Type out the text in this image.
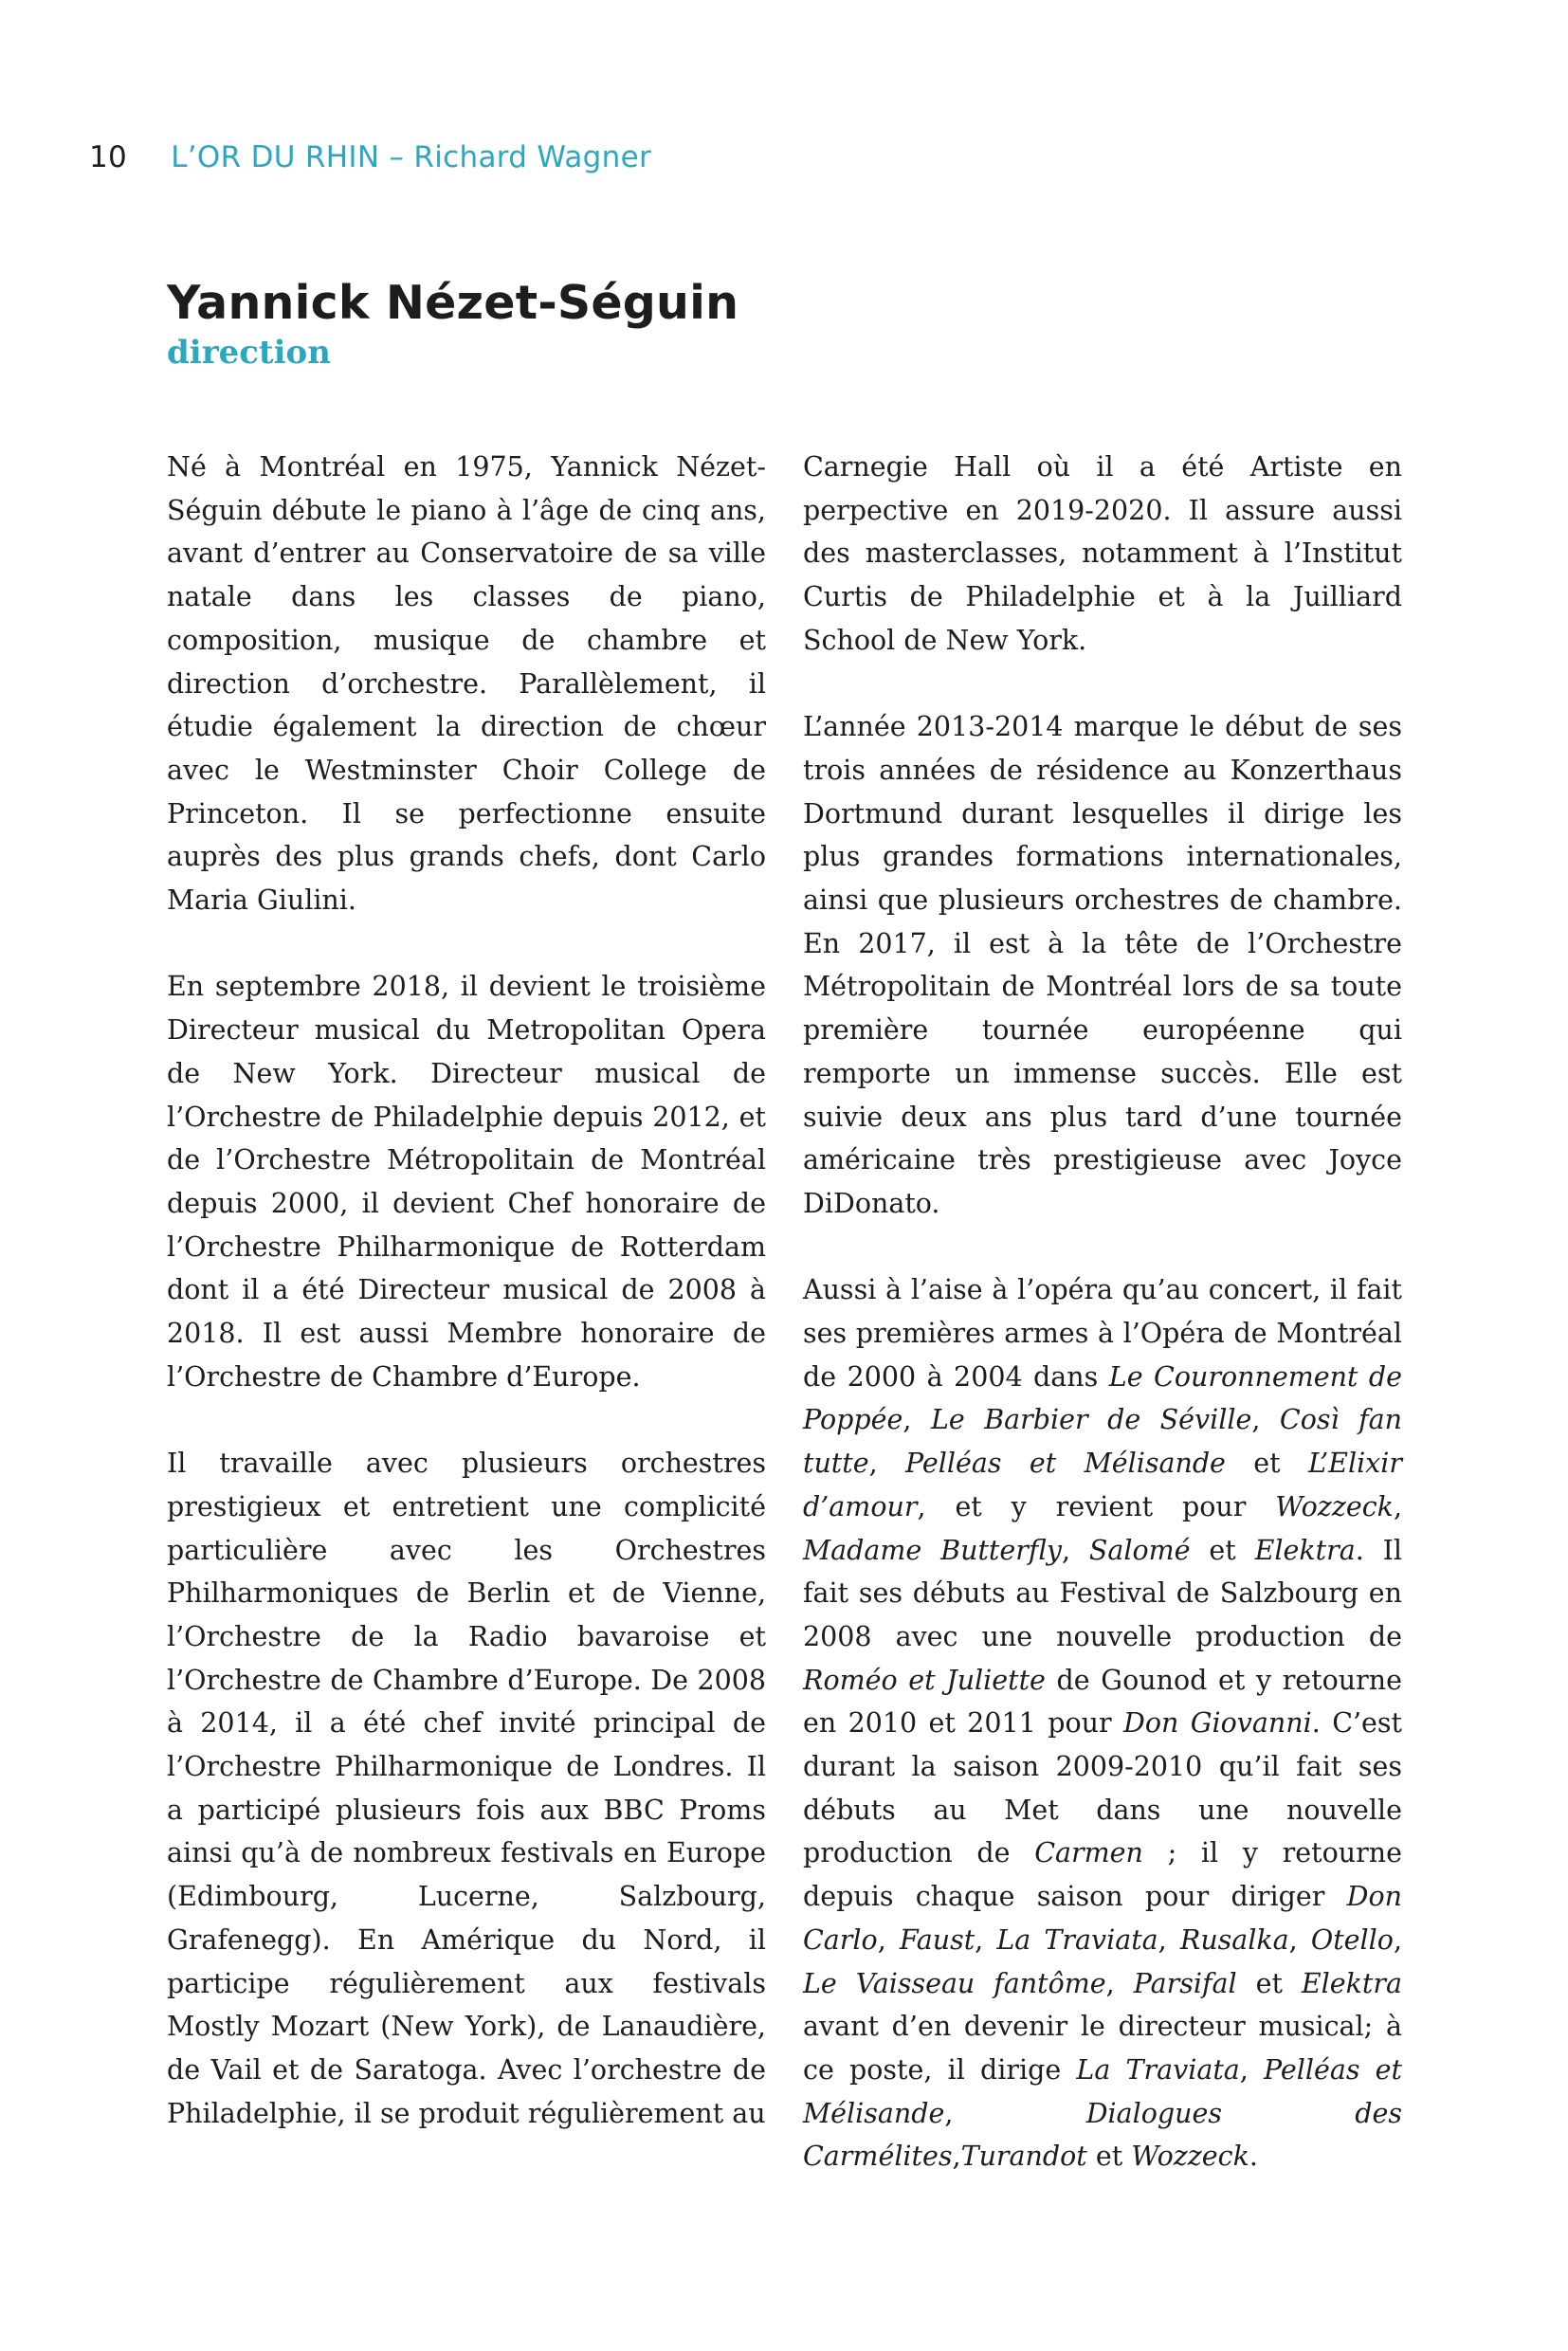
10 L’OR DU RHIN – Richard Wagner
Yannick Nézet-Séguin
direction

Né à Montréal en 1975, Yannick Nézet-Séguin débute le piano à l’âge de cinq ans, avant d’entrer au Conservatoire de sa ville natale dans les classes de piano, composition, musique de chambre et direction d’orchestre. Parallèlement, il étudie également la direction de chœur avec le Westminster Choir College de Princeton. Il se perfectionne ensuite auprès des plus grands chefs, dont Carlo Maria Giulini.

En septembre 2018, il devient le troisième Directeur musical du Metropolitan Opera de New York. Directeur musical de l’Orchestre de Philadelphie depuis 2012, et de l’Orchestre Métropolitain de Montréal depuis 2000, il devient Chef honoraire de l’Orchestre Philharmonique de Rotterdam dont il a été Directeur musical de 2008 à 2018. Il est aussi Membre honoraire de l’Orchestre de Chambre d’Europe.

Il travaille avec plusieurs orchestres prestigieux et entretient une complicité particulière avec les Orchestres Philharmoniques de Berlin et de Vienne, l’Orchestre de la Radio bavaroise et l’Orchestre de Chambre d’Europe. De 2008 à 2014, il a été chef invité principal de l’Orchestre Philharmonique de Londres. Il a participé plusieurs fois aux BBC Proms ainsi qu’à de nombreux festivals en Europe (Edimbourg, Lucerne, Salzbourg, Grafenegg). En Amérique du Nord, il participe régulièrement aux festivals Mostly Mozart (New York), de Lanaudière, de Vail et de Saratoga. Avec l’orchestre de Philadelphie, il se produit régulièrement au

Carnegie Hall où il a été Artiste en perpective en 2019-2020. Il assure aussi des masterclasses, notamment à l’Institut Curtis de Philadelphie et à la Juilliard School de New York.

L’année 2013-2014 marque le début de ses trois années de résidence au Konzerthaus Dortmund durant lesquelles il dirige les plus grandes formations internationales, ainsi que plusieurs orchestres de chambre. En 2017, il est à la tête de l’Orchestre Métropolitain de Montréal lors de sa toute première tournée européenne qui remporte un immense succès. Elle est suivie deux ans plus tard d’une tournée américaine très prestigieuse avec Joyce DiDonato.

Aussi à l’aise à l’opéra qu’au concert, il fait ses premières armes à l’Opéra de Montréal de 2000 à 2004 dans Le Couronnement de Poppée, Le Barbier de Séville, Così fan tutte, Pelléas et Mélisande et L’Elixir d’amour, et y revient pour Wozzeck, Madame Butterfly, Salomé et Elektra. Il fait ses débuts au Festival de Salzbourg en 2008 avec une nouvelle production de Roméo et Juliette de Gounod et y retourne en 2010 et 2011 pour Don Giovanni. C’est durant la saison 2009-2010 qu’il fait ses débuts au Met dans une nouvelle production de Carmen ; il y retourne depuis chaque saison pour diriger Don Carlo, Faust, La Traviata, Rusalka, Otello, Le Vaisseau fantôme, Parsifal et Elektra avant d’en devenir le directeur musical; à ce poste, il dirige La Traviata, Pelléas et Mélisande, Dialogues des Carmélites,Turandot et Wozzeck.
